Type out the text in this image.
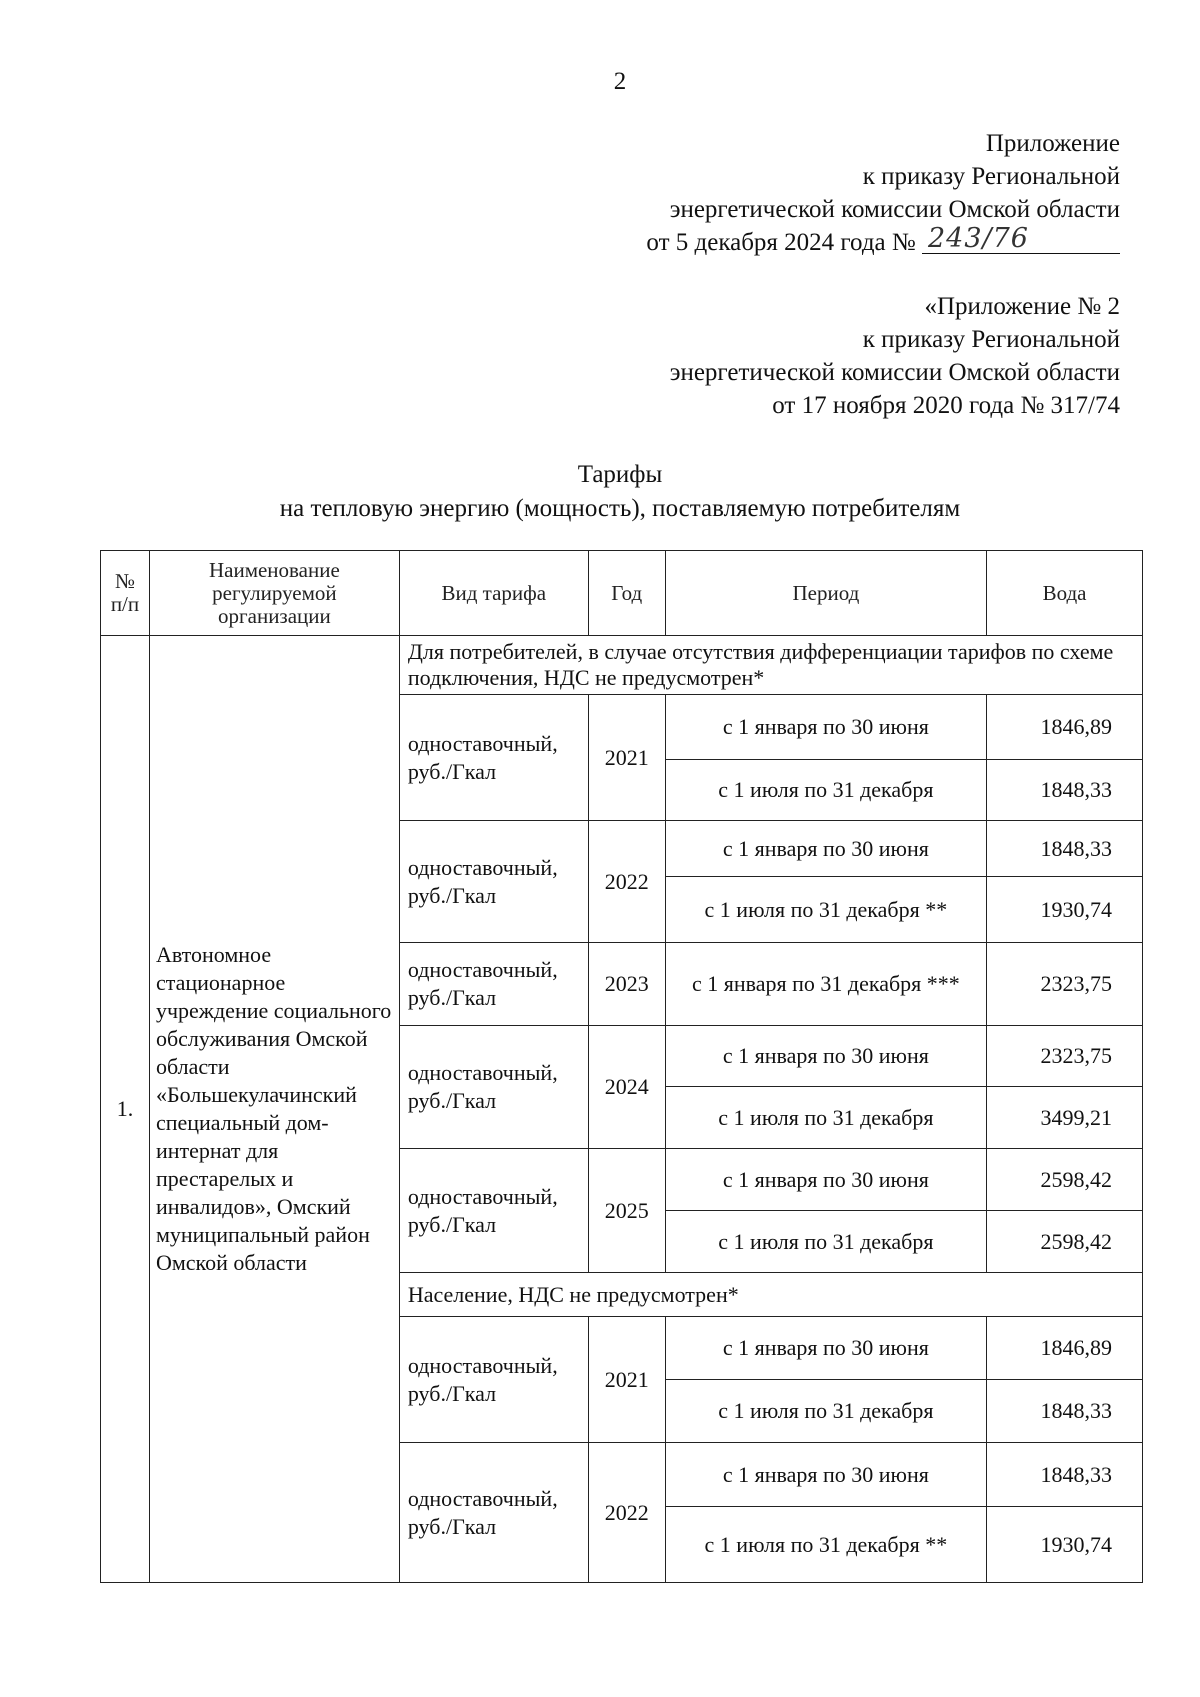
2
Приложение
к приказу Региональной
энергетической комиссии Омской области
от 5 декабря 2024 года № 243/76
«Приложение № 2
к приказу Региональной
энергетической комиссии Омской области
от 17 ноября 2020 года № 317/74
Тарифы
на тепловую энергию (мощность), поставляемую потребителям
№ п/п	Наименование регулируемой организации	Вид тарифа	Год	Период	Вода
1.	Автономное стационарное учреждение социального обслуживания Омской области «Большекулачинский специальный дом-интернат для престарелых и инвалидов», Омский муниципальный район Омской области	Для потребителей, в случае отсутствия дифференциации тарифов по схеме подключения, НДС не предусмотрен*			
		одноставочный, руб./Гкал	2021	с 1 января по 30 июня	1846,89
				с 1 июля по 31 декабря	1848,33
		одноставочный, руб./Гкал	2022	с 1 января по 30 июня	1848,33
				с 1 июля по 31 декабря **	1930,74
		одноставочный, руб./Гкал	2023	с 1 января по 31 декабря ***	2323,75
		одноставочный, руб./Гкал	2024	с 1 января по 30 июня	2323,75
				с 1 июля по 31 декабря	3499,21
		одноставочный, руб./Гкал	2025	с 1 января по 30 июня	2598,42
				с 1 июля по 31 декабря	2598,42
		Население, НДС не предусмотрен*			
		одноставочный, руб./Гкал	2021	с 1 января по 30 июня	1846,89
				с 1 июля по 31 декабря	1848,33
		одноставочный, руб./Гкал	2022	с 1 января по 30 июня	1848,33
				с 1 июля по 31 декабря **	1930,74
